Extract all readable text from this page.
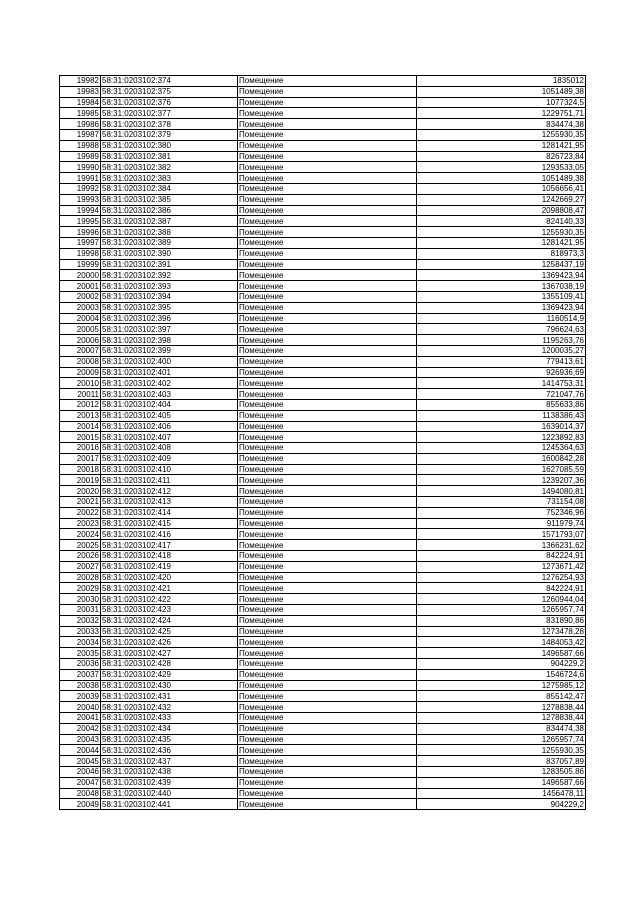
19982	58:31:0203102:374	Помещение	1835012
19983	58:31:0203102:375	Помещение	1051489,38
19984	58:31:0203102:376	Помещение	1077324,5
19985	58:31:0203102:377	Помещение	1229751,71
19986	58:31:0203102:378	Помещение	834474,38
19987	58:31:0203102:379	Помещение	1255930,35
19988	58:31:0203102:380	Помещение	1281421,95
19989	58:31:0203102:381	Помещение	826723,84
19990	58:31:0203102:382	Помещение	1293533,05
19991	58:31:0203102:383	Помещение	1051489,38
19992	58:31:0203102:384	Помещение	1056656,41
19993	58:31:0203102:385	Помещение	1242669,27
19994	58:31:0203102:386	Помещение	2098808,47
19995	58:31:0203102:387	Помещение	824140,33
19996	58:31:0203102:388	Помещение	1255930,35
19997	58:31:0203102:389	Помещение	1281421,95
19998	58:31:0203102:390	Помещение	818973,3
19999	58:31:0203102:391	Помещение	1258437,19
20000	58:31:0203102:392	Помещение	1369423,94
20001	58:31:0203102:393	Помещение	1367038,19
20002	58:31:0203102:394	Помещение	1355109,41
20003	58:31:0203102:395	Помещение	1369423,94
20004	58:31:0203102:396	Помещение	1160514,9
20005	58:31:0203102:397	Помещение	796624,63
20006	58:31:0203102:398	Помещение	1195263,76
20007	58:31:0203102:399	Помещение	1200035,27
20008	58:31:0203102:400	Помещение	779413,61
20009	58:31:0203102:401	Помещение	926936,69
20010	58:31:0203102:402	Помещение	1414753,31
20011	58:31:0203102:403	Помещение	721047,76
20012	58:31:0203102:404	Помещение	855633,86
20013	58:31:0203102:405	Помещение	1138386,43
20014	58:31:0203102:406	Помещение	1639014,37
20015	58:31:0203102:407	Помещение	1223892,83
20016	58:31:0203102:408	Помещение	1245364,63
20017	58:31:0203102:409	Помещение	1600842,28
20018	58:31:0203102:410	Помещение	1627085,59
20019	58:31:0203102:411	Помещение	1239207,36
20020	58:31:0203102:412	Помещение	1494080,81
20021	58:31:0203102:413	Помещение	731154,08
20022	58:31:0203102:414	Помещение	752346,96
20023	58:31:0203102:415	Помещение	911979,74
20024	58:31:0203102:416	Помещение	1571793,07
20025	58:31:0203102:417	Помещение	1366231,62
20026	58:31:0203102:418	Помещение	842224,91
20027	58:31:0203102:419	Помещение	1273671,42
20028	58:31:0203102:420	Помещение	1276254,93
20029	58:31:0203102:421	Помещение	842224,91
20030	58:31:0203102:422	Помещение	1260944,04
20031	58:31:0203102:423	Помещение	1265957,74
20032	58:31:0203102:424	Помещение	831890,86
20033	58:31:0203102:425	Помещение	1273478,28
20034	58:31:0203102:426	Помещение	1484053,42
20035	58:31:0203102:427	Помещение	1496587,66
20036	58:31:0203102:428	Помещение	904229,2
20037	58:31:0203102:429	Помещение	1546724,6
20038	58:31:0203102:430	Помещение	1275985,12
20039	58:31:0203102:431	Помещение	855142,47
20040	58:31:0203102:432	Помещение	1278838,44
20041	58:31:0203102:433	Помещение	1278838,44
20042	58:31:0203102:434	Помещение	834474,38
20043	58:31:0203102:435	Помещение	1265957,74
20044	58:31:0203102:436	Помещение	1255930,35
20045	58:31:0203102:437	Помещение	837057,89
20046	58:31:0203102:438	Помещение	1283505,86
20047	58:31:0203102:439	Помещение	1496587,66
20048	58:31:0203102:440	Помещение	1456478,11
20049	58:31:0203102:441	Помещение	904229,2
